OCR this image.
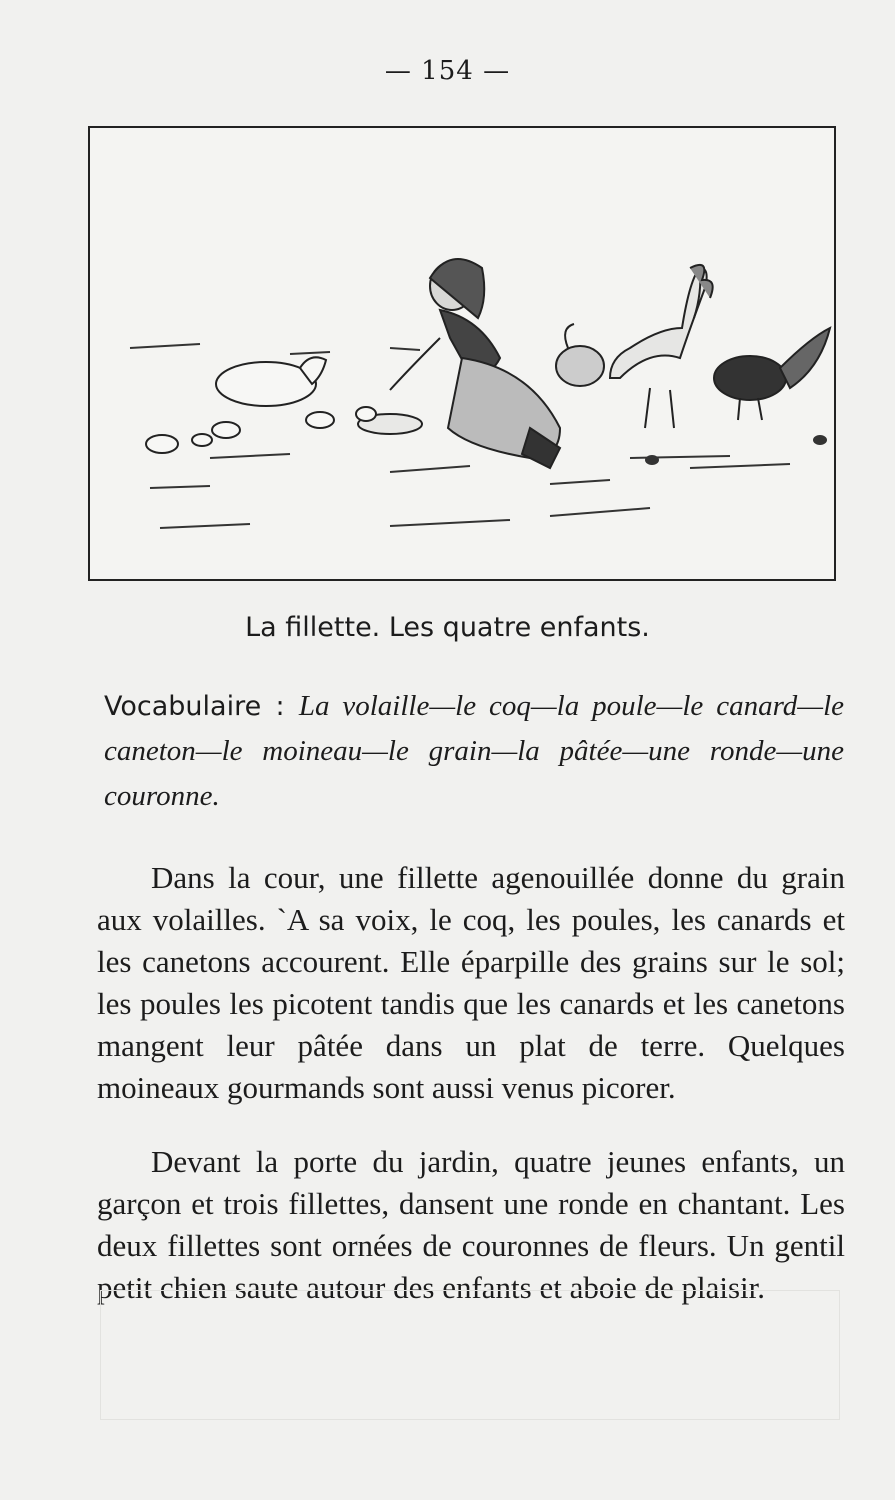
— 154 —
La fillette. Les quatre enfants.
Vocabulaire : La volaille—le coq—la poule—le canard—le caneton—le moineau—le grain—la pâtée—une ronde—une couronne.

Dans la cour, une fillette agenouillée donne du grain aux volailles. `A sa voix, le coq, les poules, les canards et les canetons accourent. Elle éparpille des grains sur le sol; les poules les picotent tandis que les canards et les canetons mangent leur pâtée dans un plat de terre. Quelques moineaux gourmands sont aussi venus picorer.

Devant la porte du jardin, quatre jeunes enfants, un garçon et trois fillettes, dansent une ronde en chantant. Les deux fillettes sont ornées de couronnes de fleurs. Un gentil petit chien saute autour des enfants et aboie de plaisir.
